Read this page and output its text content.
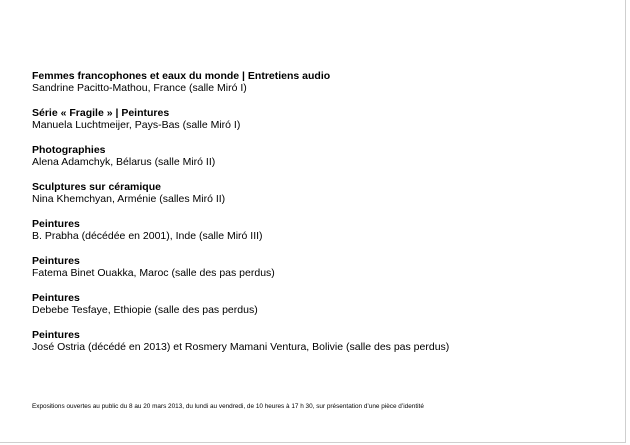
Femmes francophones et eaux du monde | Entretiens audio
Sandrine Pacitto-Mathou, France (salle Miró I)
Série « Fragile » | Peintures
Manuela Luchtmeijer, Pays-Bas (salle Miró I)
Photographies
Alena Adamchyk, Bélarus (salle Miró II)
Sculptures sur céramique
Nina Khemchyan, Arménie (salles Miró II)
Peintures
B. Prabha (décédée en 2001), Inde (salle Miró III)
Peintures
Fatema Binet Ouakka, Maroc (salle des pas perdus)
Peintures
Debebe Tesfaye, Ethiopie (salle des pas perdus)
Peintures
José Ostria (décédé en 2013) et Rosmery Mamani Ventura, Bolivie (salle des pas perdus)
Expositions ouvertes au public du 8 au 20 mars 2013, du lundi au vendredi, de 10 heures à 17 h 30, sur présentation d’une pièce d’identité
